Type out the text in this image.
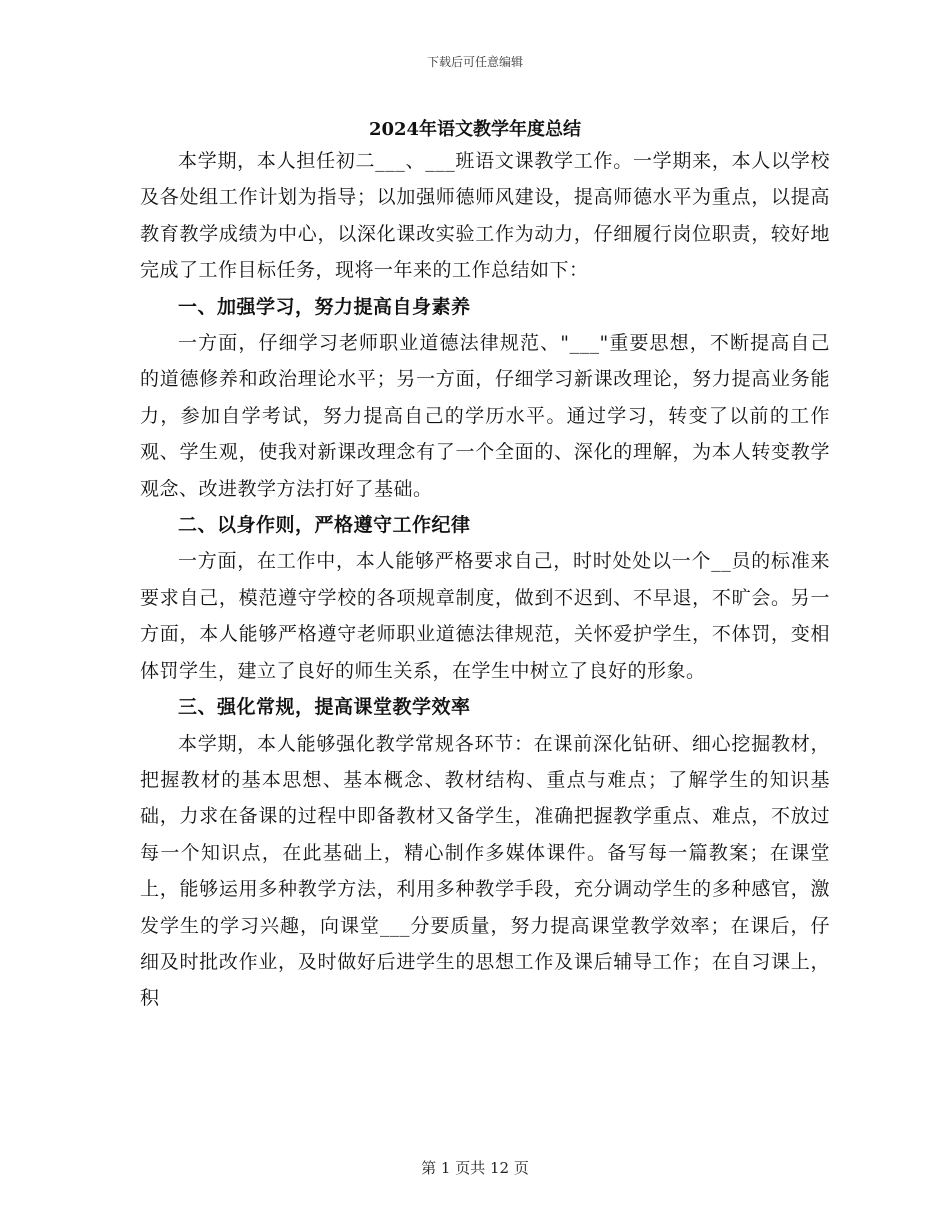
下载后可任意编辑
2024年语文教学年度总结

本学期，本人担任初二___、___班语文课教学工作。一学期来，本人以学校及各处组工作计划为指导；以加强师德师风建设，提高师德水平为重点，以提高教育教学成绩为中心，以深化课改实验工作为动力，仔细履行岗位职责，较好地完成了工作目标任务，现将一年来的工作总结如下：

一、加强学习，努力提高自身素养

一方面，仔细学习老师职业道德法律规范、"___"重要思想，不断提高自己的道德修养和政治理论水平；另一方面，仔细学习新课改理论，努力提高业务能力，参加自学考试，努力提高自己的学历水平。通过学习，转变了以前的工作观、学生观，使我对新课改理念有了一个全面的、深化的理解，为本人转变教学观念、改进教学方法打好了基础。

二、以身作则，严格遵守工作纪律

一方面，在工作中，本人能够严格要求自己，时时处处以一个__员的标准来要求自己，模范遵守学校的各项规章制度，做到不迟到、不早退，不旷会。另一方面，本人能够严格遵守老师职业道德法律规范，关怀爱护学生，不体罚，变相体罚学生，建立了良好的师生关系，在学生中树立了良好的形象。

三、强化常规，提高课堂教学效率

本学期，本人能够强化教学常规各环节：在课前深化钻研、细心挖掘教材，把握教材的基本思想、基本概念、教材结构、重点与难点；了解学生的知识基础，力求在备课的过程中即备教材又备学生，准确把握教学重点、难点，不放过每一个知识点，在此基础上，精心制作多媒体课件。备写每一篇教案；在课堂上，能够运用多种教学方法，利用多种教学手段，充分调动学生的多种感官，激发学生的学习兴趣，向课堂___分要质量，努力提高课堂教学效率；在课后，仔细及时批改作业，及时做好后进学生的思想工作及课后辅导工作；在自习课上，积

第 1 页共 12 页
